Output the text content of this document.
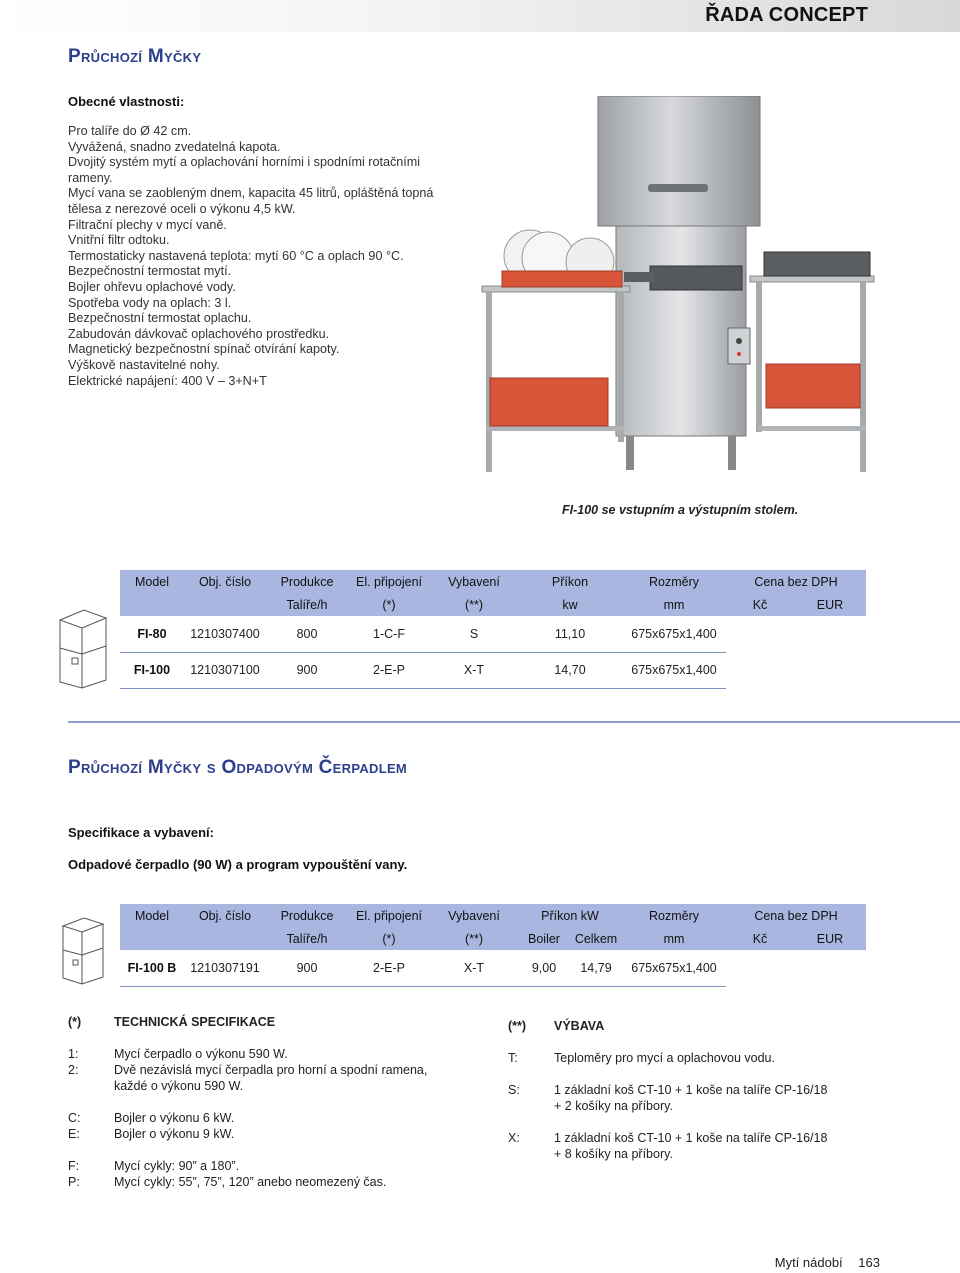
ŘADA CONCEPT
Průchozí Myčky
Obecné vlastnosti:
Pro talíře do Ø 42 cm.
Vyvážená, snadno zvedatelná kapota.
Dvojitý systém mytí a oplachování horními i spodními rotačními
rameny.
Mycí vana se zaobleným dnem, kapacita 45 litrů, opláštěná topná
tělesa z nerezové oceli o výkonu 4,5 kW.
Filtrační plechy v mycí vaně.
Vnitřní filtr odtoku.
Termostaticky nastavená teplota: mytí 60 °C a oplach 90 °C.
Bezpečnostní termostat mytí.
Bojler ohřevu oplachové vody.
Spotřeba vody na oplach: 3 l.
Bezpečnostní termostat oplachu.
Zabudován dávkovač oplachového prostředku.
Magnetický bezpečnostní spínač otvírání kapoty.
Výškově nastavitelné nohy.
Elektrické napájení: 400 V – 3+N+T
FI-100 se vstupním a výstupním stolem.
Model	Obj. číslo	Produkce	El. připojení	Vybavení	Příkon	Rozměry	Cena bez DPH	
		Talíře/h	(*)	(**)	kw	mm	Kč	EUR
FI-80	1210307400	800	1-C-F	S	11,10	675x675x1,400		
FI-100	1210307100	900	2-E-P	X-T	14,70	675x675x1,400		
Průchozí Myčky s Odpadovým Čerpadlem
Specifikace a vybavení:
Odpadové čerpadlo (90 W) a program vypouštění vany.
Model	Obj. číslo	Produkce	El. připojení	Vybavení	Příkon kW		Rozměry	Cena bez DPH	
		Talíře/h	(*)	(**)	Boiler	Celkem	mm	Kč	EUR
FI-100 B	1210307191	900	2-E-P	X-T	9,00	14,79	675x675x1,400		
(*)	TECHNICKÁ SPECIFIKACE
1:	Mycí čerpadlo o výkonu 590 W.
2:	Dvě nezávislá mycí čerpadla pro horní a spodní ramena,
každé o výkonu 590 W.
C:	Bojler o výkonu 6 kW.
E:	Bojler o výkonu 9 kW.
F:	Mycí cykly: 90” a 180”.
P:	Mycí cykly: 55”, 75”, 120” anebo neomezený čas.
(**)	VÝBAVA
T:	Teploměry pro mycí a oplachovou vodu.
S:	1 základní koš CT-10 + 1 koše na talíře CP-16/18
+ 2 košíky na příbory.
X:	1 základní koš CT-10 + 1 koše na talíře CP-16/18
+ 8 košíky na příbory.
Mytí nádobí 163
